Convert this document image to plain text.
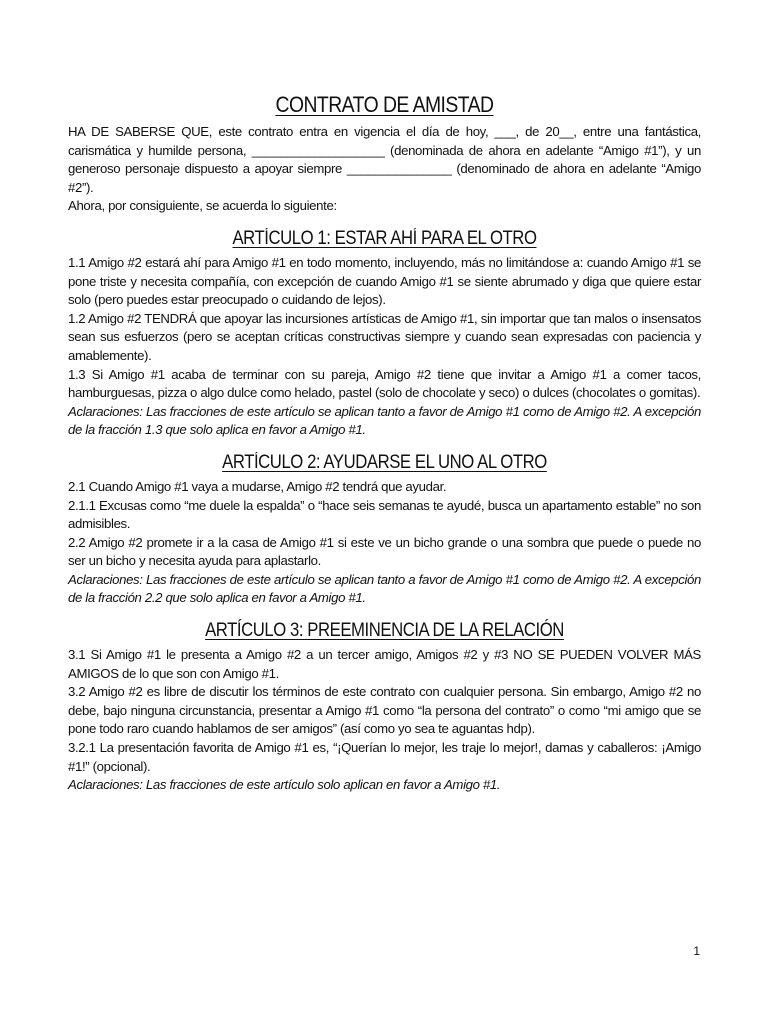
CONTRATO DE AMISTAD

HA DE SABERSE QUE, este contrato entra en vigencia el día de hoy, ___, de 20__, entre una fantástica, carismática y humilde persona, ___________________ (denominada de ahora en adelante “Amigo #1”), y un generoso personaje dispuesto a apoyar siempre _______________ (denominado de ahora en adelante “Amigo #2”).

Ahora, por consiguiente, se acuerda lo siguiente:

ARTÍCULO 1: ESTAR AHÍ PARA EL OTRO

1.1 Amigo #2 estará ahí para Amigo #1 en todo momento, incluyendo, más no limitándose a: cuando Amigo #1 se pone triste y necesita compañía, con excepción de cuando Amigo #1 se siente abrumado y diga que quiere estar solo (pero puedes estar preocupado o cuidando de lejos).

1.2 Amigo #2 TENDRÁ que apoyar las incursiones artísticas de Amigo #1, sin importar que tan malos o insensatos sean sus esfuerzos (pero se aceptan críticas constructivas siempre y cuando sean expresadas con paciencia y amablemente).

1.3 Si Amigo #1 acaba de terminar con su pareja, Amigo #2 tiene que invitar a Amigo #1 a comer tacos, hamburguesas, pizza o algo dulce como helado, pastel (solo de chocolate y seco) o dulces (chocolates o gomitas).

Aclaraciones: Las fracciones de este artículo se aplican tanto a favor de Amigo #1 como de Amigo #2. A excepción de la fracción 1.3 que solo aplica en favor a Amigo #1.

ARTÍCULO 2: AYUDARSE EL UNO AL OTRO

2.1 Cuando Amigo #1 vaya a mudarse, Amigo #2 tendrá que ayudar.

2.1.1 Excusas como “me duele la espalda” o “hace seis semanas te ayudé, busca un apartamento estable” no son admisibles.

2.2 Amigo #2 promete ir a la casa de Amigo #1 si este ve un bicho grande o una sombra que puede o puede no ser un bicho y necesita ayuda para aplastarlo.

Aclaraciones: Las fracciones de este artículo se aplican tanto a favor de Amigo #1 como de Amigo #2. A excepción de la fracción 2.2 que solo aplica en favor a Amigo #1.

ARTÍCULO 3: PREEMINENCIA DE LA RELACIÓN

3.1 Si Amigo #1 le presenta a Amigo #2 a un tercer amigo, Amigos #2 y #3 NO SE PUEDEN VOLVER MÁS AMIGOS de lo que son con Amigo #1.

3.2 Amigo #2 es libre de discutir los términos de este contrato con cualquier persona. Sin embargo, Amigo #2 no debe, bajo ninguna circunstancia, presentar a Amigo #1 como “la persona del contrato” o como “mi amigo que se pone todo raro cuando hablamos de ser amigos” (así como yo sea te aguantas hdp).

3.2.1 La presentación favorita de Amigo #1 es, “¡Querían lo mejor, les traje lo mejor!, damas y caballeros: ¡Amigo #1!” (opcional).

Aclaraciones: Las fracciones de este artículo solo aplican en favor a Amigo #1.

1
